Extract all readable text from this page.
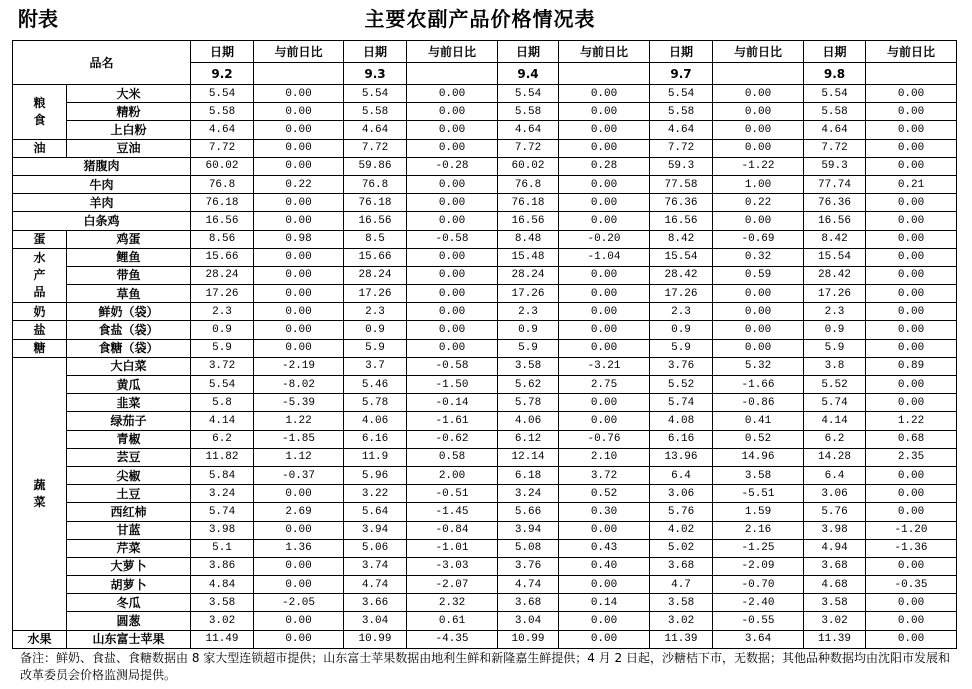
附表	主要农副产品价格情况表
品名		日期	与前日比	日期	与前日比	日期	与前日比	日期	与前日比	日期	与前日比
		9.2		9.3		9.4		9.7		9.8	
粮食	大米	5.54	0.00	5.54	0.00	5.54	0.00	5.54	0.00	5.54	0.00
	精粉	5.58	0.00	5.58	0.00	5.58	0.00	5.58	0.00	5.58	0.00
	上白粉	4.64	0.00	4.64	0.00	4.64	0.00	4.64	0.00	4.64	0.00
油	豆油	7.72	0.00	7.72	0.00	7.72	0.00	7.72	0.00	7.72	0.00
猪腹肉		60.02	0.00	59.86	-0.28	60.02	0.28	59.3	-1.22	59.3	0.00
牛肉		76.8	0.22	76.8	0.00	76.8	0.00	77.58	1.00	77.74	0.21
羊肉		76.18	0.00	76.18	0.00	76.18	0.00	76.36	0.22	76.36	0.00
白条鸡		16.56	0.00	16.56	0.00	16.56	0.00	16.56	0.00	16.56	0.00
蛋	鸡蛋	8.56	0.98	8.5	-0.58	8.48	-0.20	8.42	-0.69	8.42	0.00
水产品	鲤鱼	15.66	0.00	15.66	0.00	15.48	-1.04	15.54	0.32	15.54	0.00
	带鱼	28.24	0.00	28.24	0.00	28.24	0.00	28.42	0.59	28.42	0.00
	草鱼	17.26	0.00	17.26	0.00	17.26	0.00	17.26	0.00	17.26	0.00
奶	鲜奶（袋）	2.3	0.00	2.3	0.00	2.3	0.00	2.3	0.00	2.3	0.00
盐	食盐（袋）	0.9	0.00	0.9	0.00	0.9	0.00	0.9	0.00	0.9	0.00
糖	食糖（袋）	5.9	0.00	5.9	0.00	5.9	0.00	5.9	0.00	5.9	0.00
蔬菜	大白菜	3.72	-2.19	3.7	-0.58	3.58	-3.21	3.76	5.32	3.8	0.89
	黄瓜	5.54	-8.02	5.46	-1.50	5.62	2.75	5.52	-1.66	5.52	0.00
	韭菜	5.8	-5.39	5.78	-0.14	5.78	0.00	5.74	-0.86	5.74	0.00
	绿茄子	4.14	1.22	4.06	-1.61	4.06	0.00	4.08	0.41	4.14	1.22
	青椒	6.2	-1.85	6.16	-0.62	6.12	-0.76	6.16	0.52	6.2	0.68
	芸豆	11.82	1.12	11.9	0.58	12.14	2.10	13.96	14.96	14.28	2.35
	尖椒	5.84	-0.37	5.96	2.00	6.18	3.72	6.4	3.58	6.4	0.00
	土豆	3.24	0.00	3.22	-0.51	3.24	0.52	3.06	-5.51	3.06	0.00
	西红柿	5.74	2.69	5.64	-1.45	5.66	0.30	5.76	1.59	5.76	0.00
	甘蓝	3.98	0.00	3.94	-0.84	3.94	0.00	4.02	2.16	3.98	-1.20
	芹菜	5.1	1.36	5.06	-1.01	5.08	0.43	5.02	-1.25	4.94	-1.36
	大萝卜	3.86	0.00	3.74	-3.03	3.76	0.40	3.68	-2.09	3.68	0.00
	胡萝卜	4.84	0.00	4.74	-2.07	4.74	0.00	4.7	-0.70	4.68	-0.35
	冬瓜	3.58	-2.05	3.66	2.32	3.68	0.14	3.58	-2.40	3.58	0.00
	圆葱	3.02	0.00	3.04	0.61	3.04	0.00	3.02	-0.55	3.02	0.00
水果	山东富士苹果	11.49	0.00	10.99	-4.35	10.99	0.00	11.39	3.64	11.39	0.00
备注：鲜奶、食盐、食糖数据由 8 家大型连锁超市提供；山东富士苹果数据由地利生鲜和新隆嘉生鲜提供；4 月 2 日起，沙糖桔下市，无数据；其他品种数据均由沈阳市发展和改革委员会价格监测局提供。
